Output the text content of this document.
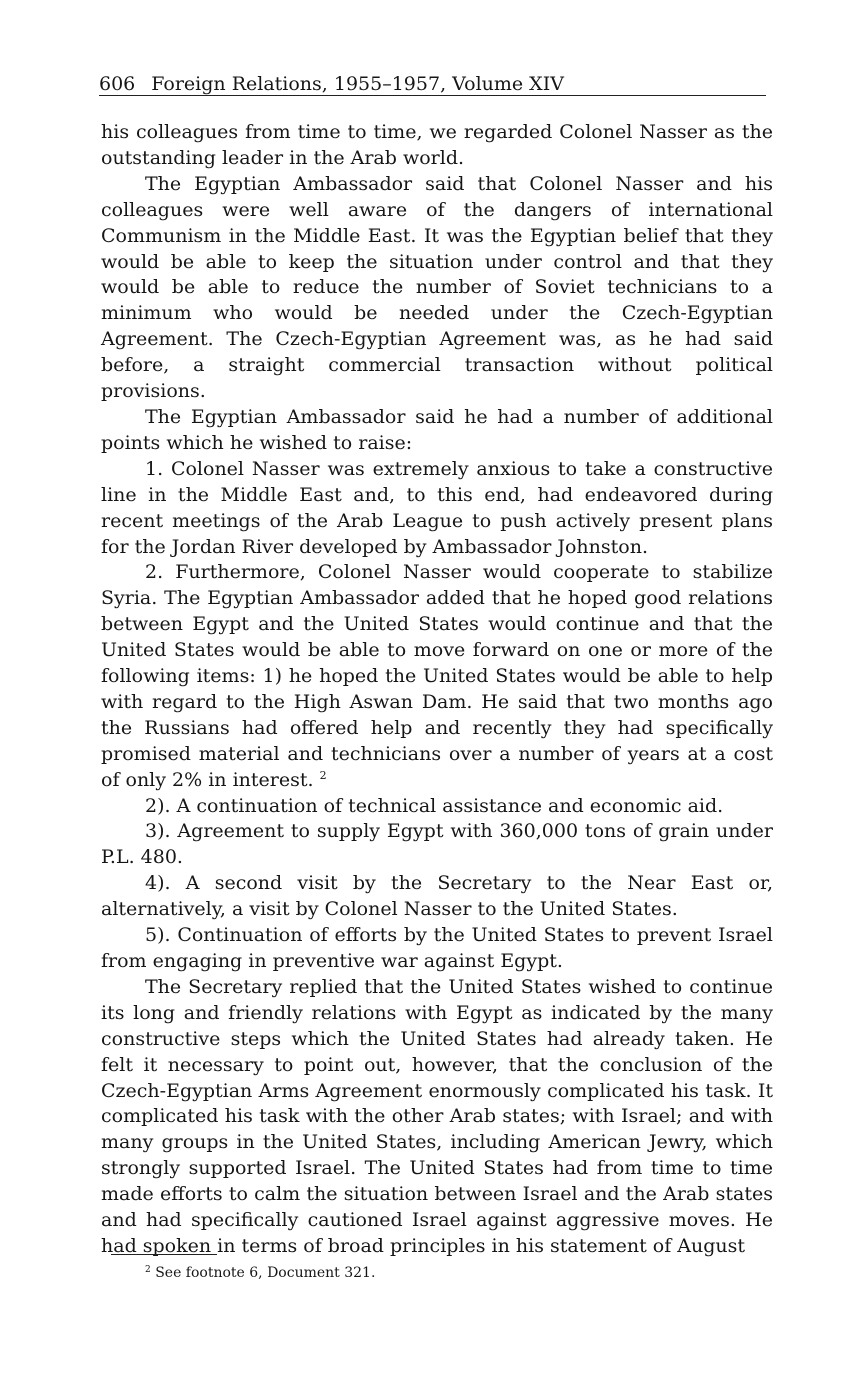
606 Foreign Relations, 1955–1957, Volume XIV

his colleagues from time to time, we regarded Colonel Nasser as the outstanding leader in the Arab world.

The Egyptian Ambassador said that Colonel Nasser and his colleagues were well aware of the dangers of international Communism in the Middle East. It was the Egyptian belief that they would be able to keep the situation under control and that they would be able to reduce the number of Soviet technicians to a minimum who would be needed under the Czech-Egyptian Agreement. The Czech-Egyptian Agreement was, as he had said before, a straight commercial transaction without political provisions.

The Egyptian Ambassador said he had a number of additional points which he wished to raise:

1. Colonel Nasser was extremely anxious to take a constructive line in the Middle East and, to this end, had endeavored during recent meetings of the Arab League to push actively present plans for the Jordan River developed by Ambassador Johnston.

2. Furthermore, Colonel Nasser would cooperate to stabilize Syria. The Egyptian Ambassador added that he hoped good relations between Egypt and the United States would continue and that the United States would be able to move forward on one or more of the following items: 1) he hoped the United States would be able to help with regard to the High Aswan Dam. He said that two months ago the Russians had offered help and recently they had specifically promised material and technicians over a number of years at a cost of only 2% in interest. $^2$

2). A continuation of technical assistance and economic aid.

3). Agreement to supply Egypt with 360,000 tons of grain under P.L. 480.

4). A second visit by the Secretary to the Near East or, alternatively, a visit by Colonel Nasser to the United States.

5). Continuation of efforts by the United States to prevent Israel from engaging in preventive war against Egypt.

The Secretary replied that the United States wished to continue its long and friendly relations with Egypt as indicated by the many constructive steps which the United States had already taken. He felt it necessary to point out, however, that the conclusion of the Czech-Egyptian Arms Agreement enormously complicated his task. It complicated his task with the other Arab states; with Israel; and with many groups in the United States, including American Jewry, which strongly supported Israel. The United States had from time to time made efforts to calm the situation between Israel and the Arab states and had specifically cautioned Israel against aggressive moves. He had spoken in terms of broad principles in his statement of August

$^2$ See footnote 6, Document 321.
